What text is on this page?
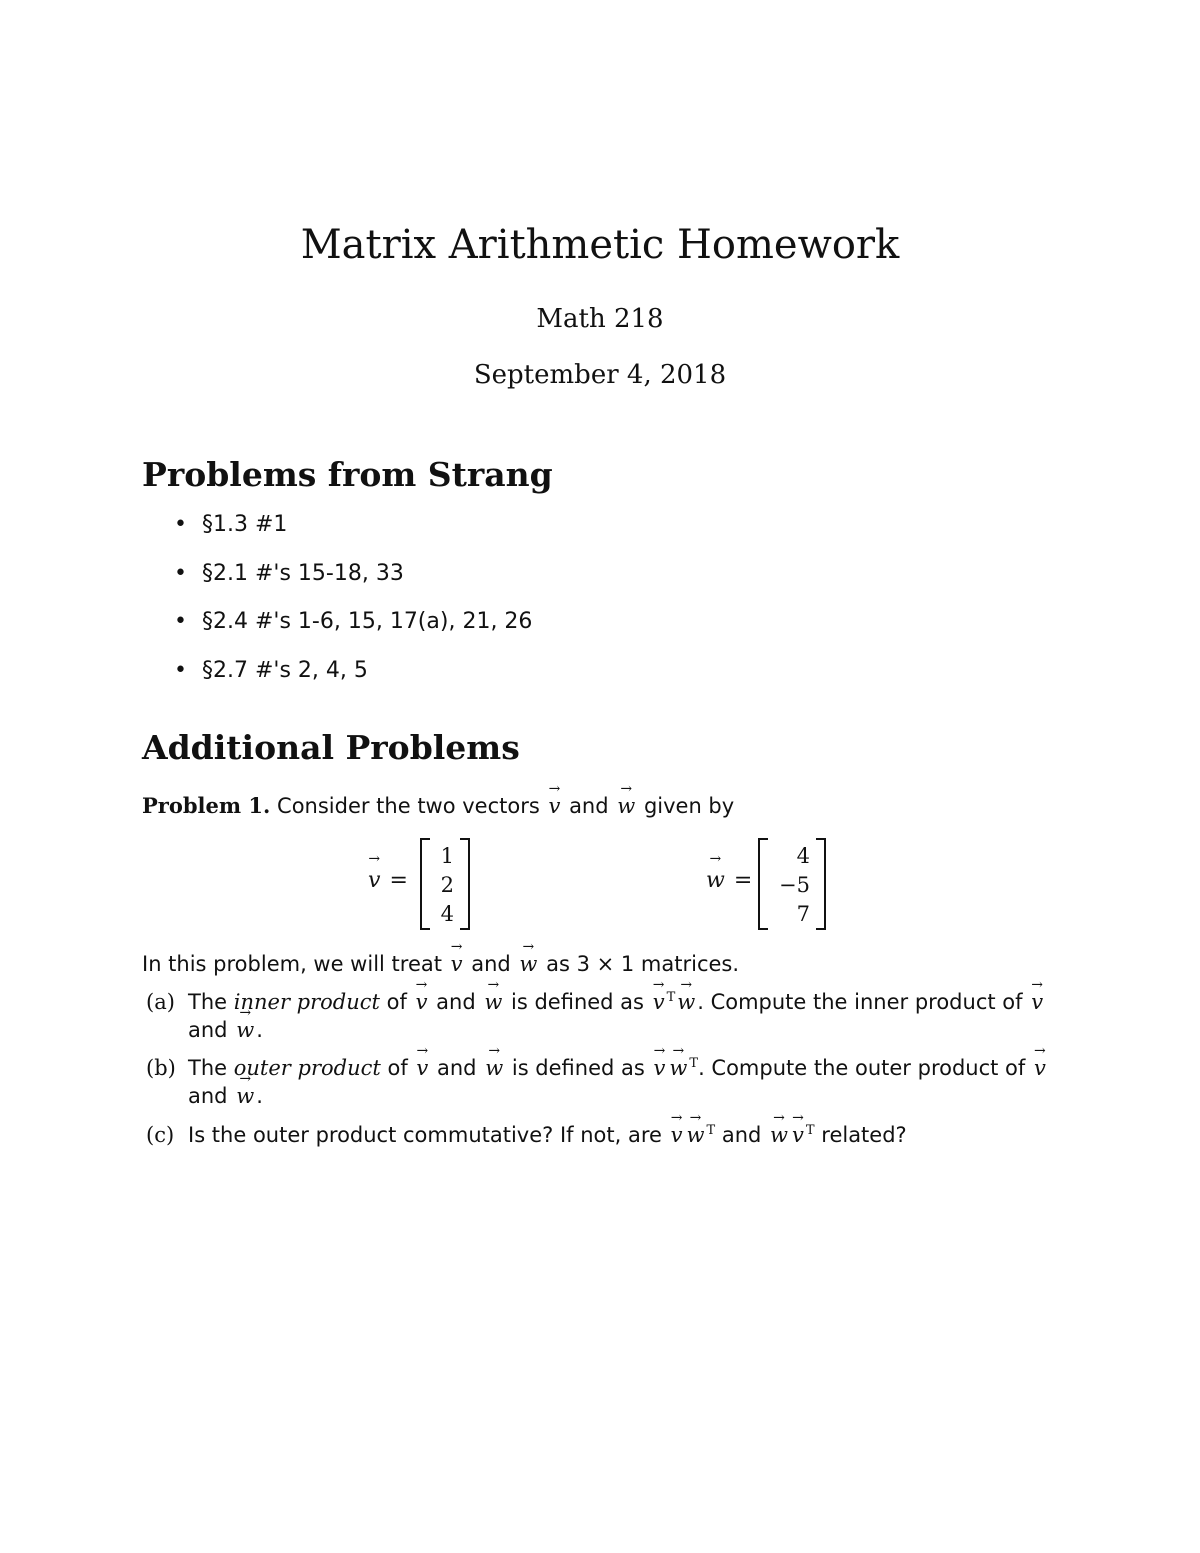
Matrix Arithmetic Homework
Math 218
September 4, 2018
Problems from Strang
• §1.3 #1
• §2.1 #'s 15-18, 33
• §2.4 #'s 1-6, 15, 17(a), 21, 26
• §2.7 #'s 2, 4, 5
Additional Problems
Problem 1. Consider the two vectors → v and → w given by
→ v =
1
2
4
→ w =
4
−5
7
In this problem, we will treat → v and → w as 3 × 1 matrices.
(a) The inner product of → v and → w is defined as → v $^T$→ w. Compute the inner product of → v and → w.
(b) The outer product of → v and → w is defined as → v → w $^T$. Compute the outer product of → v and → w.
(c) Is the outer product commutative? If not, are → v → w $^T$ and → w → v $^T$ related?
